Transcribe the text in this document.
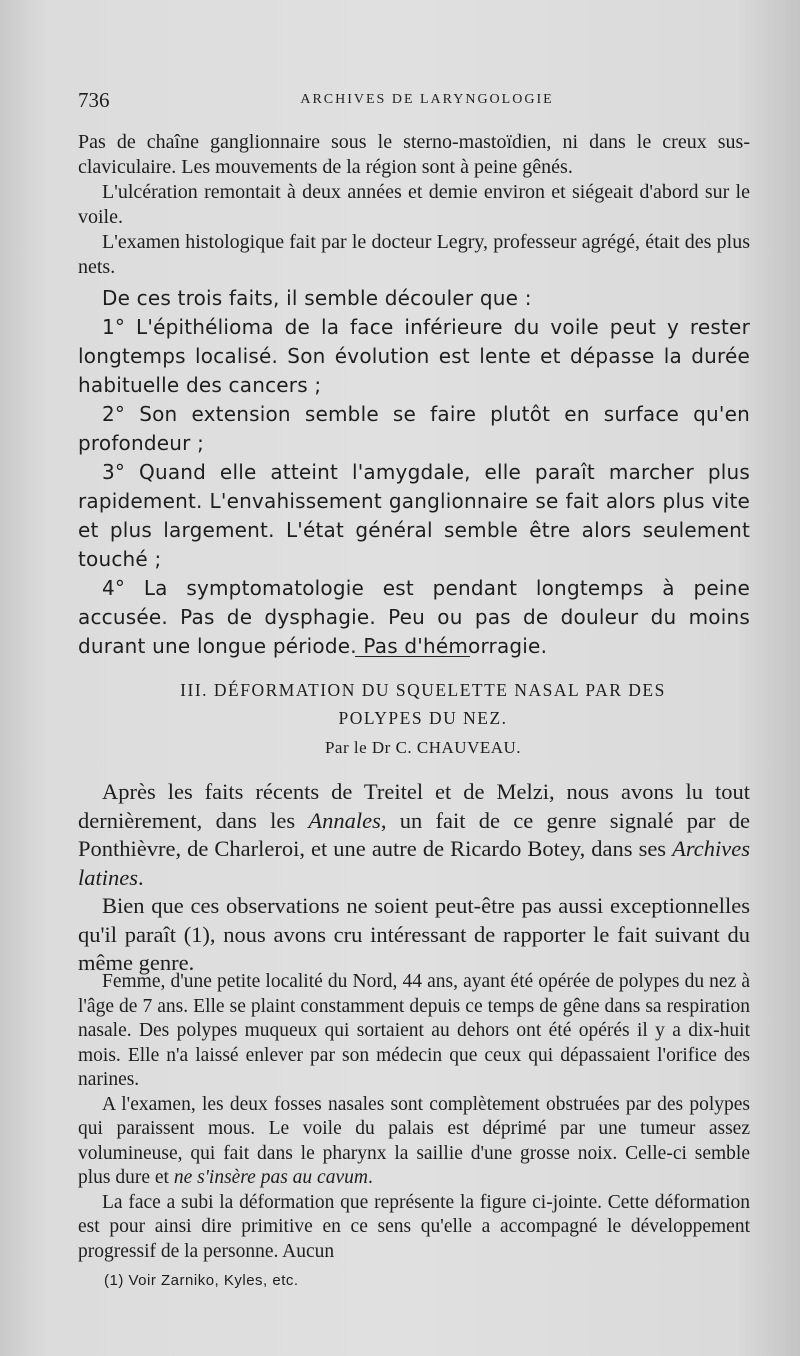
736	ARCHIVES DE LARYNGOLOGIE

Pas de chaîne ganglionnaire sous le sterno-mastoïdien, ni dans le creux sus-claviculaire. Les mouvements de la région sont à peine gênés.

L'ulcération remontait à deux années et demie environ et siégeait d'abord sur le voile.

L'examen histologique fait par le docteur Legry, professeur agrégé, était des plus nets.

De ces trois faits, il semble découler que :

1° L'épithélioma de la face inférieure du voile peut y rester longtemps localisé. Son évolution est lente et dépasse la durée habituelle des cancers ;

2° Son extension semble se faire plutôt en surface qu'en profondeur ;

3° Quand elle atteint l'amygdale, elle paraît marcher plus rapidement. L'envahissement ganglionnaire se fait alors plus vite et plus largement. L'état général semble être alors seulement touché ;

4° La symptomatologie est pendant longtemps à peine accusée. Pas de dysphagie. Peu ou pas de douleur du moins durant une longue période. Pas d'hémorragie.

III. DÉFORMATION DU SQUELETTE NASAL PAR DES
POLYPES DU NEZ.
Par le Dr C. CHAUVEAU.

Après les faits récents de Treitel et de Melzi, nous avons lu tout dernièrement, dans les Annales, un fait de ce genre signalé par de Ponthièvre, de Charleroi, et une autre de Ricardo Botey, dans ses Archives latines.

Bien que ces observations ne soient peut-être pas aussi exceptionnelles qu'il paraît (1), nous avons cru intéressant de rapporter le fait suivant du même genre.

Femme, d'une petite localité du Nord, 44 ans, ayant été opérée de polypes du nez à l'âge de 7 ans. Elle se plaint constamment depuis ce temps de gêne dans sa respiration nasale. Des polypes muqueux qui sortaient au dehors ont été opérés il y a dix-huit mois. Elle n'a laissé enlever par son médecin que ceux qui dépassaient l'orifice des narines.

A l'examen, les deux fosses nasales sont complètement obstruées par des polypes qui paraissent mous. Le voile du palais est déprimé par une tumeur assez volumineuse, qui fait dans le pharynx la saillie d'une grosse noix. Celle-ci semble plus dure et ne s'insère pas au cavum.

La face a subi la déformation que représente la figure ci-jointe. Cette déformation est pour ainsi dire primitive en ce sens qu'elle a accompagné le développement progressif de la personne. Aucun

(1) Voir Zarniko, Kyles, etc.
